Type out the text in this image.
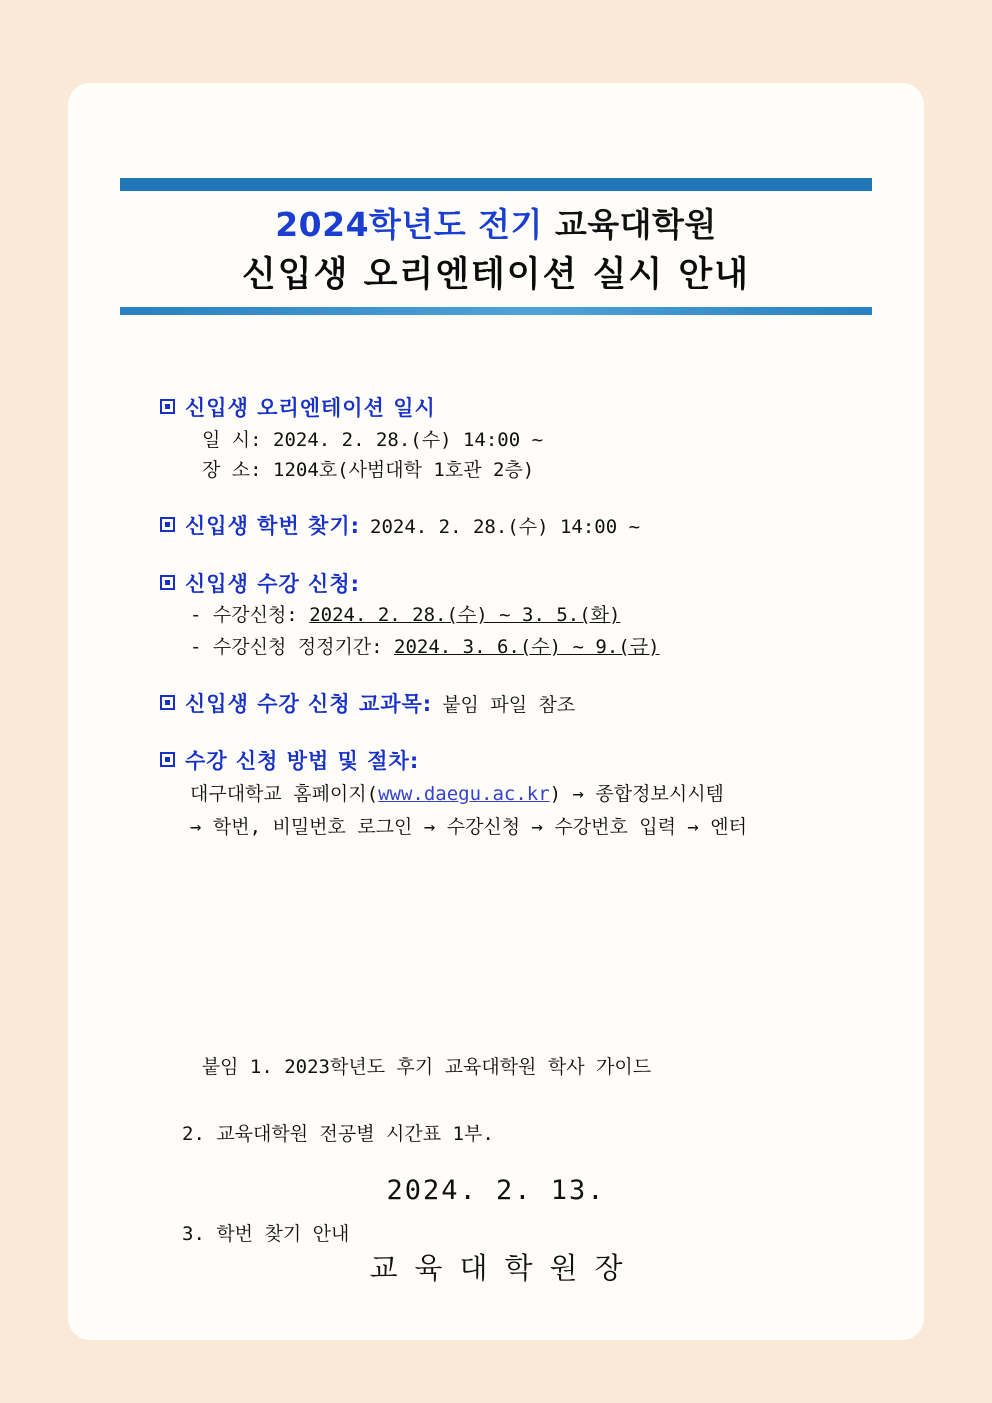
2024학년도 전기 교육대학원
신입생 오리엔테이션 실시 안내
신입생 오리엔테이션 일시
일 시: 2024. 2. 28.(수) 14:00 ~
장 소: 1204호(사범대학 1호관 2층)
신입생 학번 찾기: 2024. 2. 28.(수) 14:00 ~
신입생 수강 신청:
- 수강신청: 2024. 2. 28.(수) ~ 3. 5.(화)
- 수강신청 정정기간: 2024. 3. 6.(수) ~ 9.(금)
신입생 수강 신청 교과목: 붙임 파일 참조
수강 신청 방법 및 절차:
대구대학교 홈페이지(www.daegu.ac.kr) → 종합정보시시템
→ 학번, 비밀번호 로그인 → 수강신청 → 수강번호 입력 → 엔터

붙임 1. 2023학년도 후기 교육대학원 학사 가이드

2. 교육대학원 전공별 시간표 1부.

3. 학번 찾기 안내

2024. 2. 13.
교육대학원장
